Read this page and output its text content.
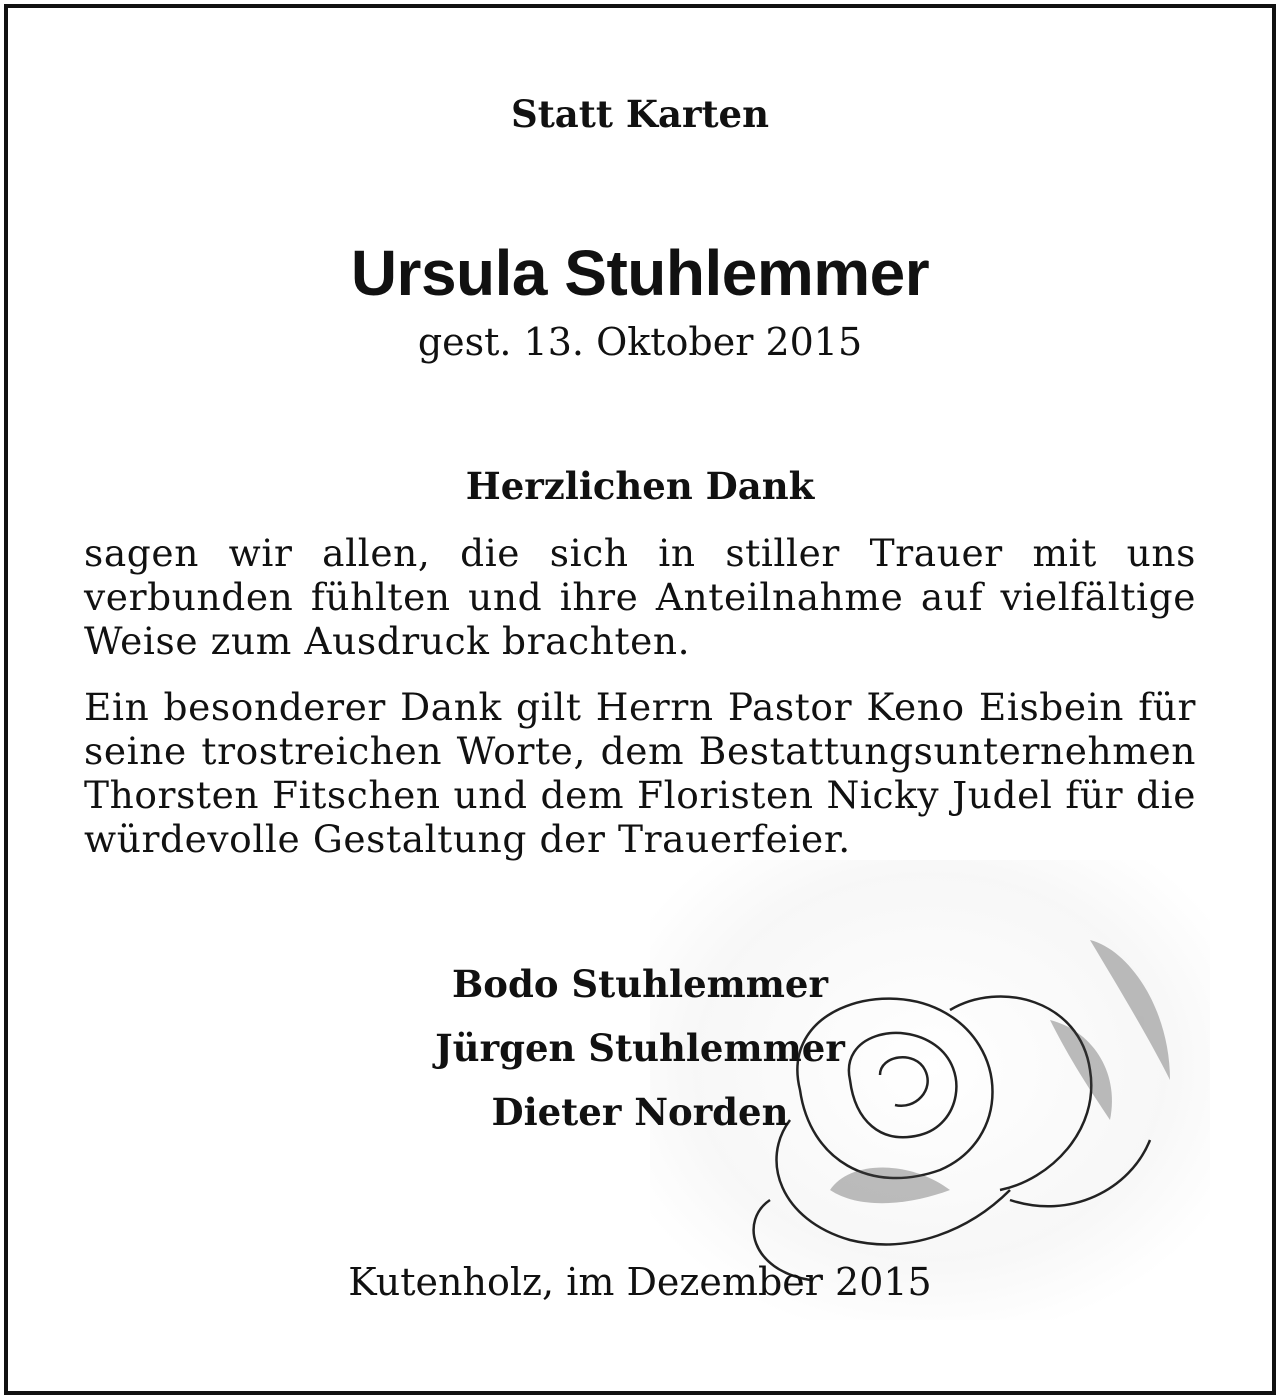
Statt Karten
Ursula Stuhlemmer
gest. 13. Oktober 2015
Herzlichen Dank

sagen wir allen, die sich in stiller Trauer mit uns verbunden fühlten und ihre Anteilnahme auf vielfältige Weise zum Ausdruck brachten.

Ein besonderer Dank gilt Herrn Pastor Keno Eisbein für seine trostreichen Worte, dem Bestattungsunternehmen Thorsten Fitschen und dem Floristen Nicky Judel für die würdevolle Gestaltung der Trauerfeier.

Bodo Stuhlemmer
Jürgen Stuhlemmer
Dieter Norden
Kutenholz, im Dezember 2015
